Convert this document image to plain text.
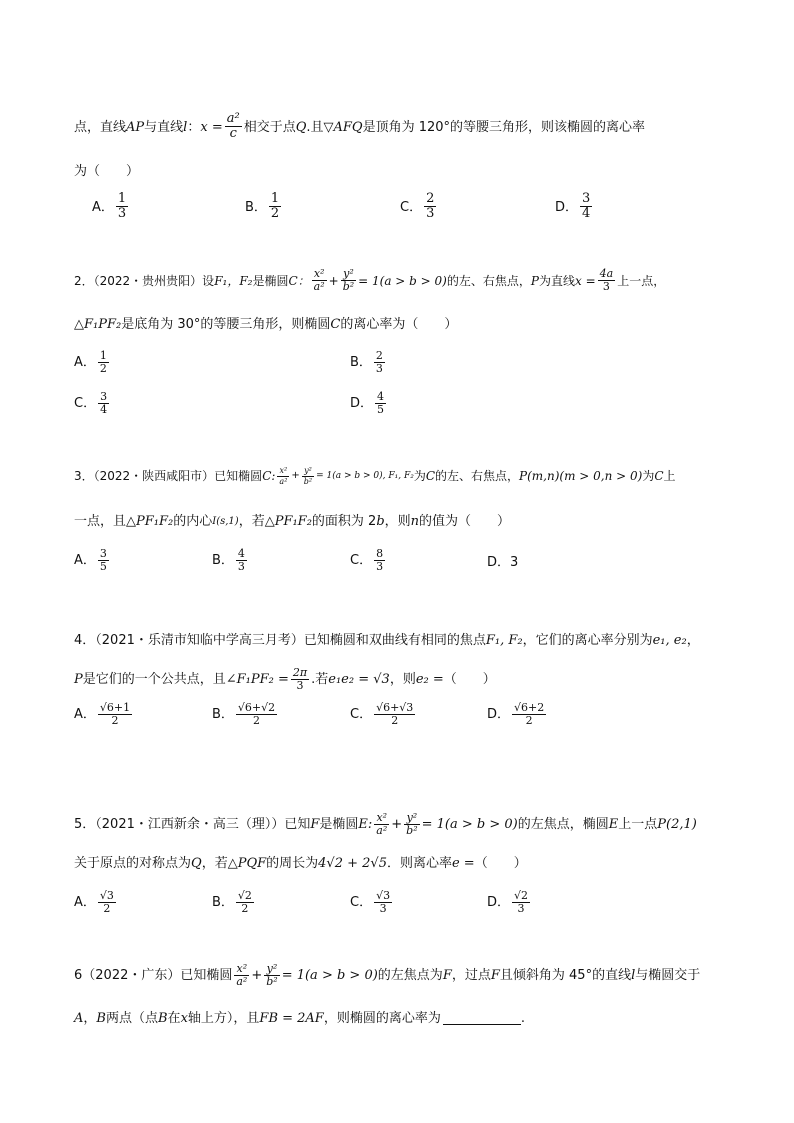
点，直线 AP 与直线 l ： $x = \frac{\text{a²}}{c}$ 相交于点 Q .且 ▽AFQ 是顶角为 120°的等腰三角形，则该椭圆的离心率
为（　　）
A． $\frac{1}{3}$	B． $\frac{1}{2}$	C． $\frac{2}{3}$	D． $\frac{3}{4}$
2．（2022・贵州贵阳）设 F₁，F₂ 是椭圆 C： $\frac{\text{x²}}{\text{a²}} + \frac{\text{y²}}{\text{b²}} = 1(a > b > 0)$ 的左、右焦点， P 为直线 $x = \frac{4a}{3}$ 上一点，
△F₁PF₂ 是底角为 30°的等腰三角形，则椭圆 C 的离心率为（　　）
A． $\frac{1}{2}$	B． $\frac{2}{3}$
C． $\frac{3}{4}$	D． $\frac{4}{5}$
3．（2022・陕西咸阳市）已知椭圆 C: $\frac{\text{x²}}{\text{a²}} + \frac{\text{y²}}{\text{b²}} = 1(a > b > 0)$, F₁, F₂ 为 C 的左、右焦点， P(m,n)(m > 0,n > 0) 为 C 上
一点，且 △PF₁F₂ 的内心 I(s,1) ，若 △PF₁F₂ 的面积为 2 b ，则 n 的值为（　　）
A． $\frac{3}{5}$	B． $\frac{4}{3}$	C． $\frac{8}{3}$	D． 3
4．（2021・乐清市知临中学高三月考）已知椭圆和双曲线有相同的焦点 F₁, F₂ ，它们的离心率分别为 e₁, e₂ ，
P 是它们的一个公共点，且 ∠F₁PF₂ = $\frac{2\pi}{3}$ .若 e₁e₂ = √3 ，则 e₂ = （　　）
A． $\frac{√6+1}{2}$	B． $\frac{√6+√2}{2}$	C． $\frac{√6+√3}{2}$	D． $\frac{√6+2}{2}$
5．（2021・江西新余・高三（理））已知 F 是椭圆 E: $\frac{\text{x²}}{\text{a²}} + \frac{\text{y²}}{\text{b²}} = 1(a > b > 0)$ 的左焦点，椭圆 E 上一点 P(2,1)
关于原点的对称点为 Q ，若 △PQF 的周长为 4√2 + 2√5 ．则离心率 e = （　　）
A． $\frac{√3}{2}$	B． $\frac{√2}{2}$	C． $\frac{√3}{3}$	D． $\frac{√2}{3}$
6（2022・广东）已知椭圆 $\frac{\text{x²}}{\text{a²}} + \frac{\text{y²}}{\text{b²}} = 1(a > b > 0)$ 的左焦点为 F ，过点 F 且倾斜角为 45°的直线 l 与椭圆交于
A ， B 两点（点 B 在 x 轴上方），且 FB = 2AF ，则椭圆的离心率为	.
